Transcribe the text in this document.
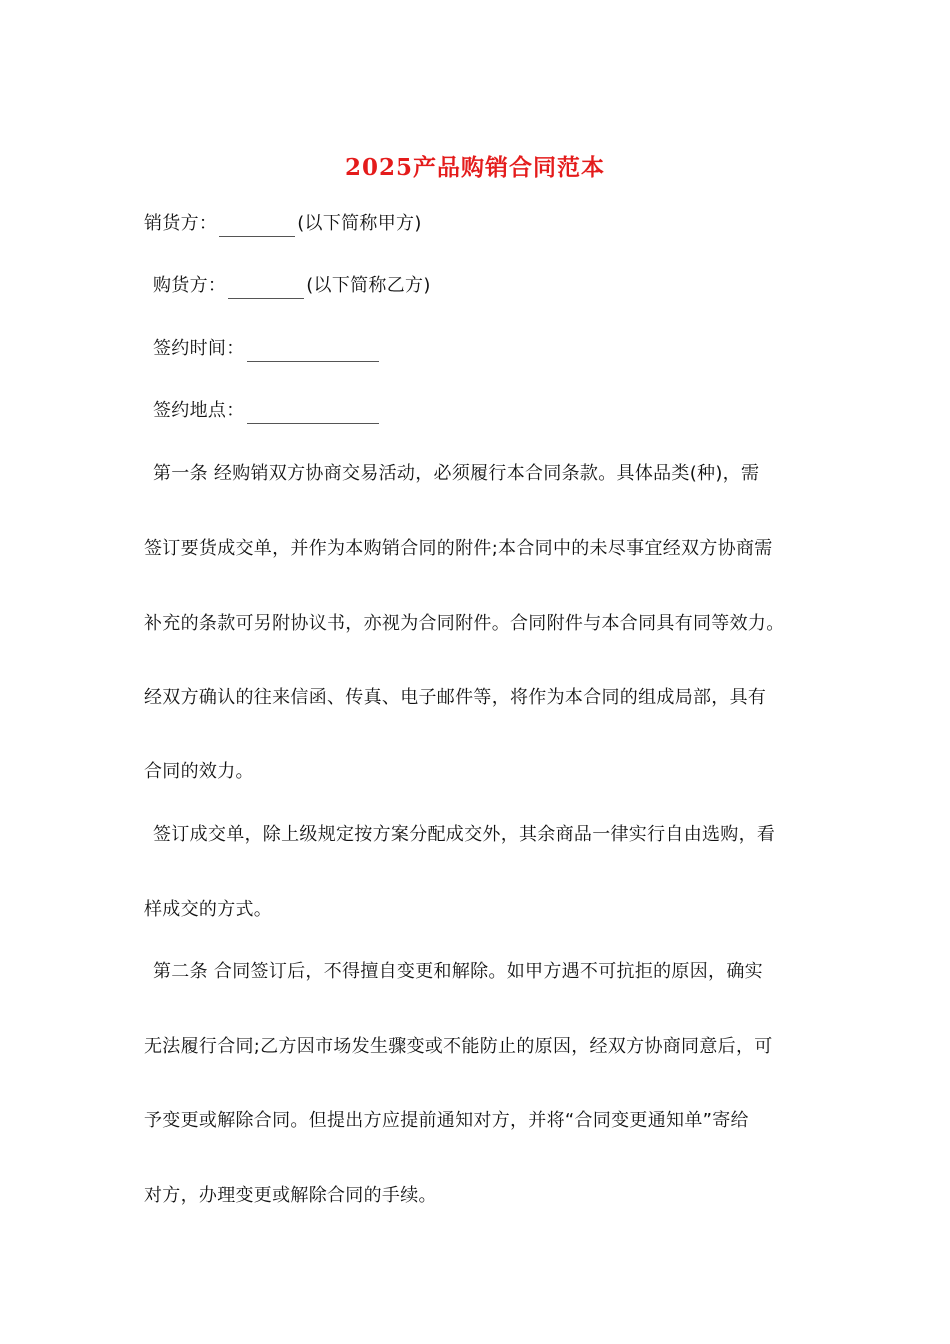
2025产品购销合同范本
销货方：	(以下简称甲方)
购货方：	(以下简称乙方)
签约时间：
签约地点：
第一条 经购销双方协商交易活动，必须履行本合同条款。具体品类(种)，需
签订要货成交单，并作为本购销合同的附件;本合同中的未尽事宜经双方协商需
补充的条款可另附协议书，亦视为合同附件。合同附件与本合同具有同等效力。
经双方确认的往来信函、传真、电子邮件等，将作为本合同的组成局部，具有
合同的效力。
签订成交单，除上级规定按方案分配成交外，其余商品一律实行自由选购，看
样成交的方式。
第二条 合同签订后，不得擅自变更和解除。如甲方遇不可抗拒的原因，确实
无法履行合同;乙方因市场发生骤变或不能防止的原因，经双方协商同意后，可
予变更或解除合同。但提出方应提前通知对方，并将“合同变更通知单”寄给
对方，办理变更或解除合同的手续。
